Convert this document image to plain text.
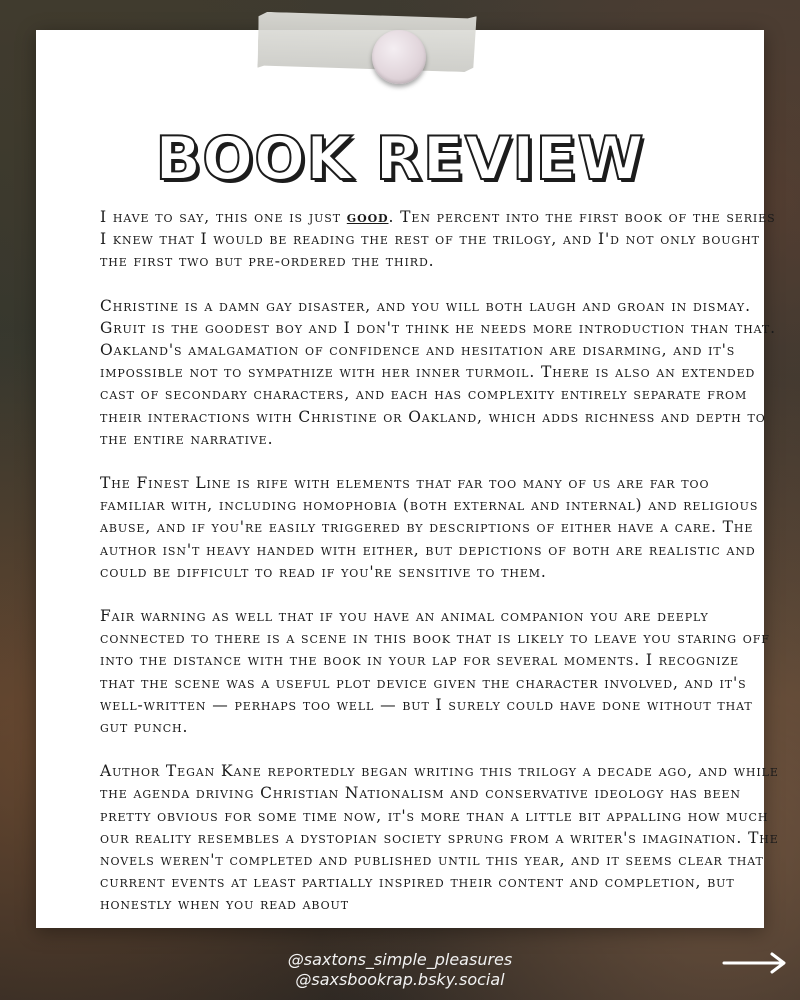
BOOK REVIEW

I have to say, this one is just good. Ten percent into the first book of the series I knew that I would be reading the rest of the trilogy, and I'd not only bought the first two but pre-ordered the third.

Christine is a damn gay disaster, and you will both laugh and groan in dismay. Gruit is the goodest boy and I don't think he needs more introduction than that. Oakland's amalgamation of confidence and hesitation are disarming, and it's impossible not to sympathize with her inner turmoil. There is also an extended cast of secondary characters, and each has complexity entirely separate from their interactions with Christine or Oakland, which adds richness and depth to the entire narrative.

The Finest Line is rife with elements that far too many of us are far too familiar with, including homophobia (both external and internal) and religious abuse, and if you're easily triggered by descriptions of either have a care. The author isn't heavy handed with either, but depictions of both are realistic and could be difficult to read if you're sensitive to them.

Fair warning as well that if you have an animal companion you are deeply connected to there is a scene in this book that is likely to leave you staring off into the distance with the book in your lap for several moments. I recognize that the scene was a useful plot device given the character involved, and it's well-written — perhaps too well — but I surely could have done without that gut punch.

Author Tegan Kane reportedly began writing this trilogy a decade ago, and while the agenda driving Christian Nationalism and conservative ideology has been pretty obvious for some time now, it's more than a little bit appalling how much our reality resembles a dystopian society sprung from a writer's imagination. The novels weren't completed and published until this year, and it seems clear that current events at least partially inspired their content and completion, but honestly when you read about

@saxtons_simple_pleasures
@saxsbookrap.bsky.social
